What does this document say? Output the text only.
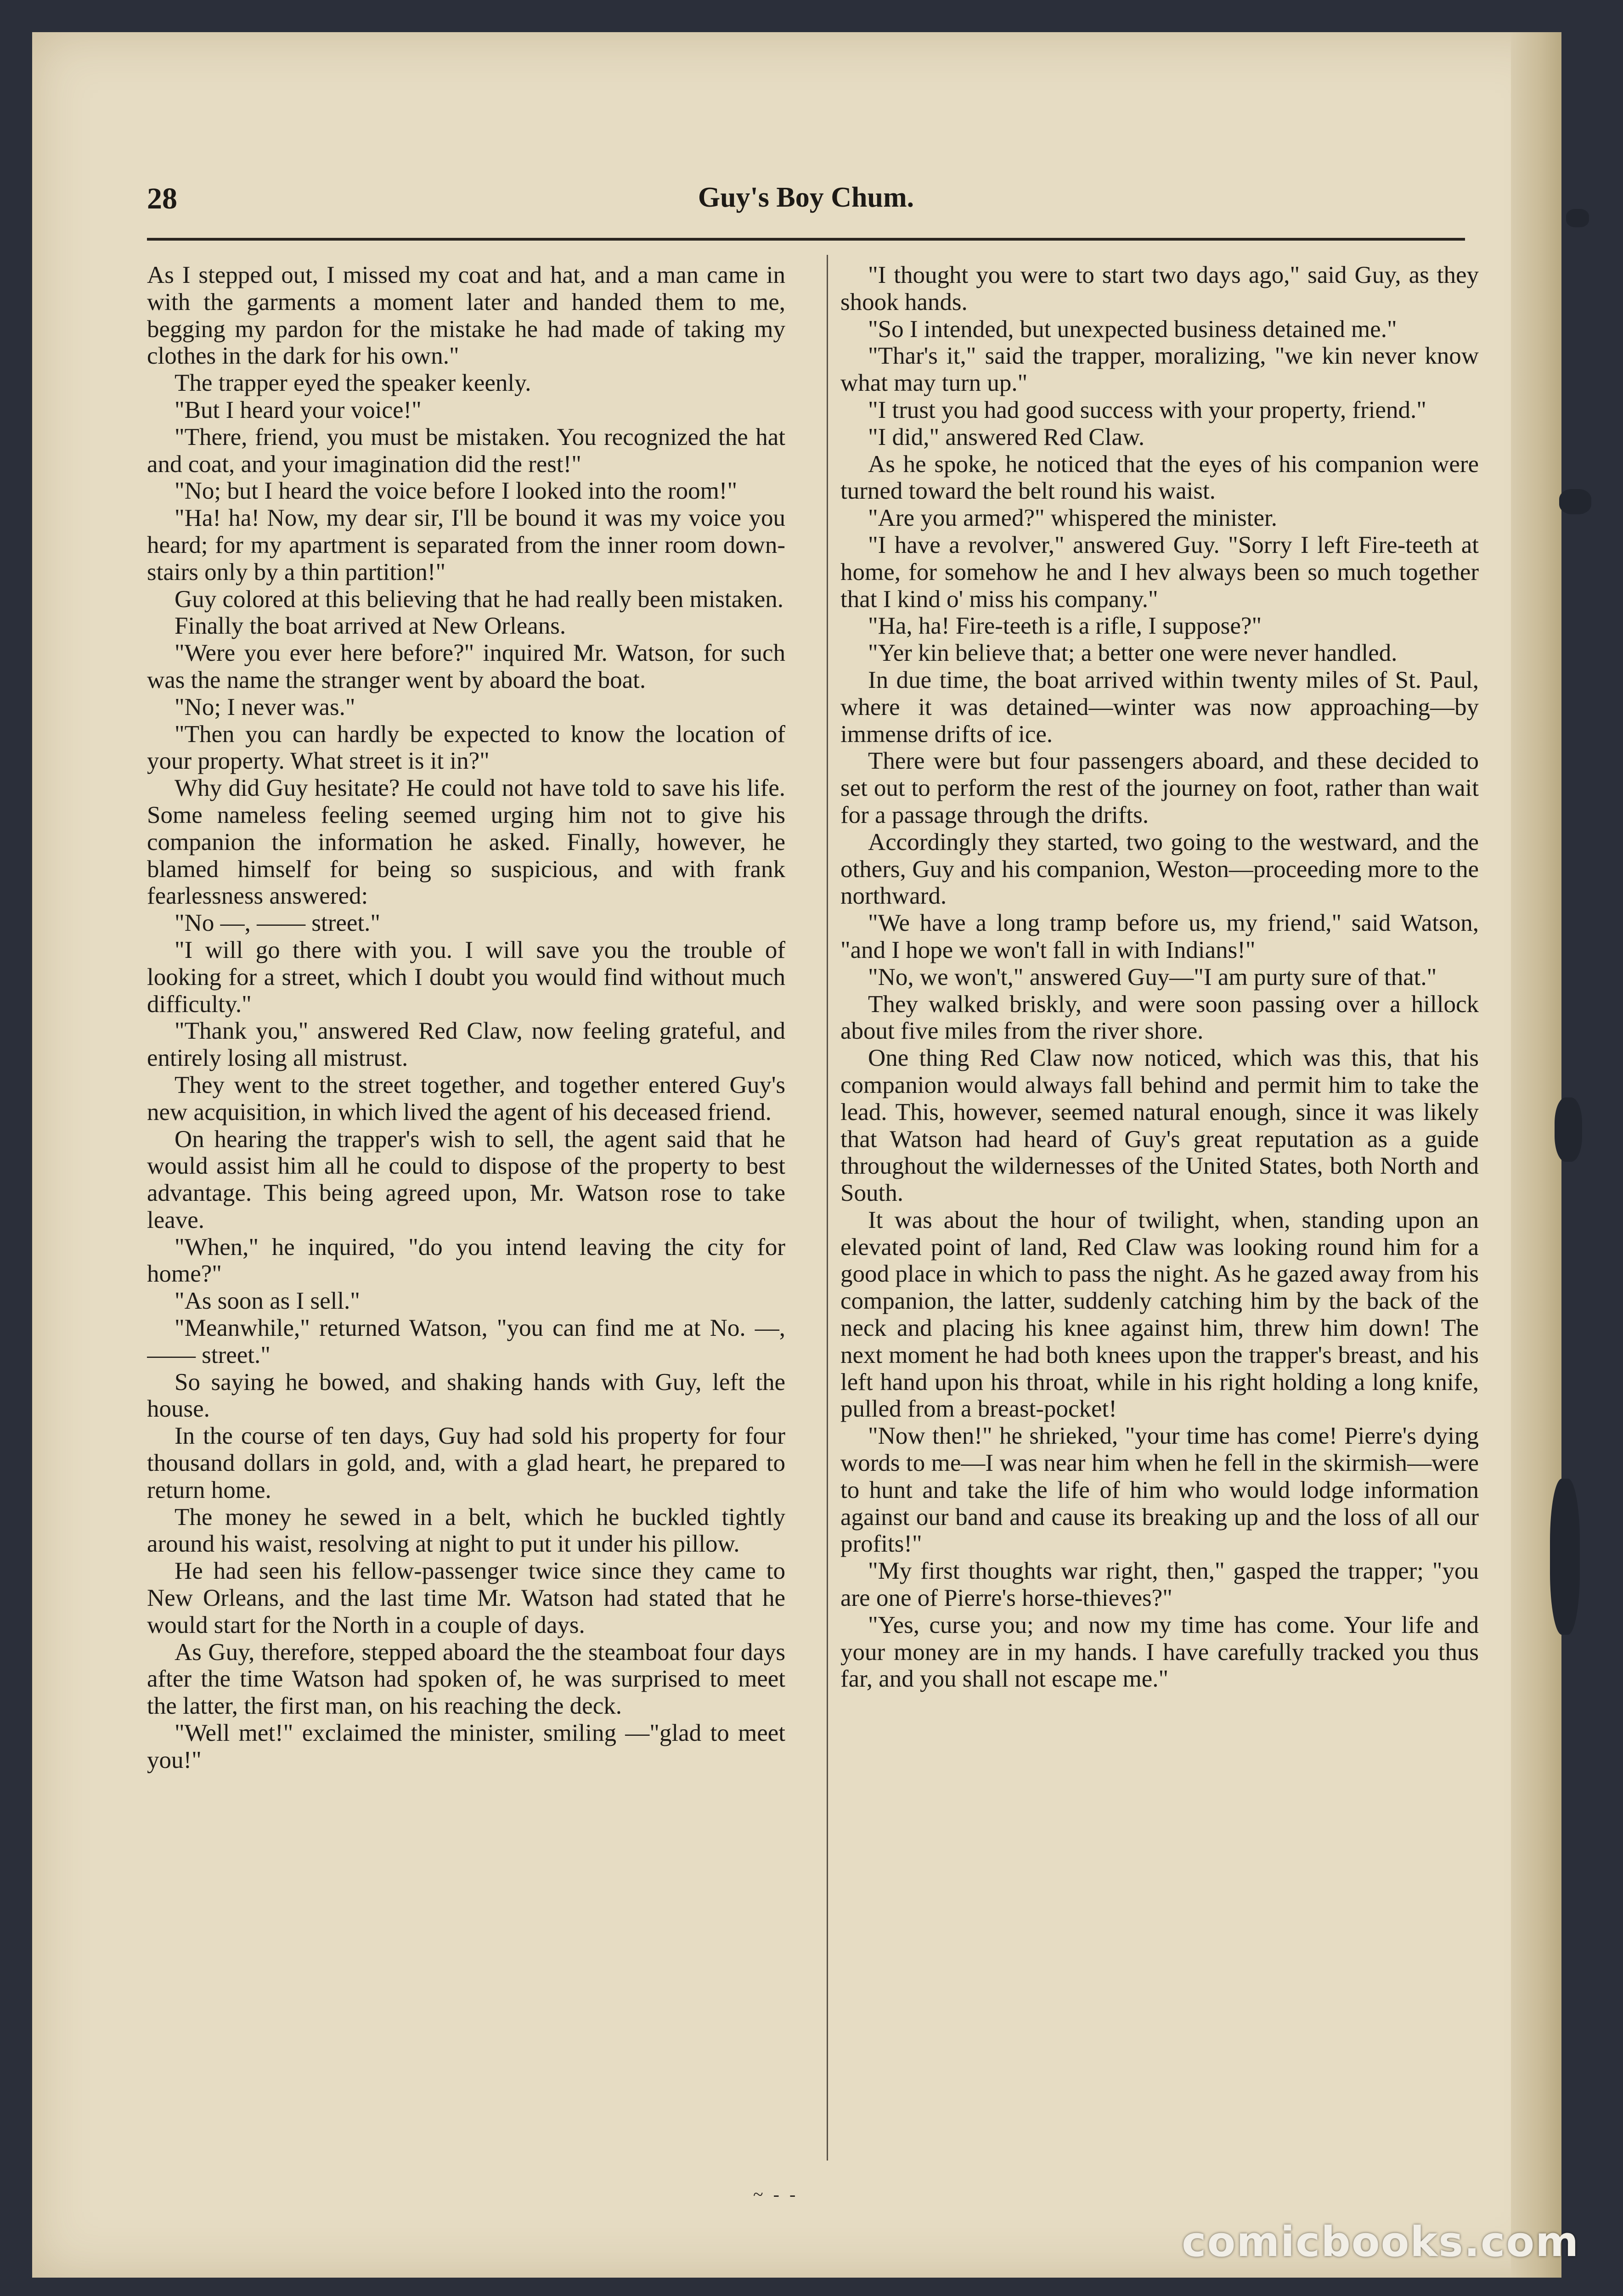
28	Guy's Boy Chum.

As I stepped out, I missed my coat and hat, and a man came in with the garments a moment later and handed them to me, begging my pardon for the mistake he had made of taking my clothes in the dark for his own."

The trapper eyed the speaker keenly.

"But I heard your voice!"

"There, friend, you must be mistaken. You recognized the hat and coat, and your imagination did the rest!"

"No; but I heard the voice before I looked into the room!"

"Ha! ha! Now, my dear sir, I'll be bound it was my voice you heard; for my apartment is separated from the inner room down-stairs only by a thin partition!"

Guy colored at this believing that he had really been mistaken.

Finally the boat arrived at New Orleans.

"Were you ever here before?" inquired Mr. Watson, for such was the name the stranger went by aboard the boat.

"No; I never was."

"Then you can hardly be expected to know the location of your property. What street is it in?"

Why did Guy hesitate? He could not have told to save his life. Some nameless feeling seemed urging him not to give his companion the information he asked. Finally, however, he blamed himself for being so suspicious, and with frank fearlessness answered:

"No —, —— street."

"I will go there with you. I will save you the trouble of looking for a street, which I doubt you would find without much difficulty."

"Thank you," answered Red Claw, now feeling grateful, and entirely losing all mistrust.

They went to the street together, and together entered Guy's new acquisition, in which lived the agent of his deceased friend.

On hearing the trapper's wish to sell, the agent said that he would assist him all he could to dispose of the property to best advantage. This being agreed upon, Mr. Watson rose to take leave.

"When," he inquired, "do you intend leaving the city for home?"

"As soon as I sell."

"Meanwhile," returned Watson, "you can find me at No. —, —— street."

So saying he bowed, and shaking hands with Guy, left the house.

In the course of ten days, Guy had sold his property for four thousand dollars in gold, and, with a glad heart, he prepared to return home.

The money he sewed in a belt, which he buckled tightly around his waist, resolving at night to put it under his pillow.

He had seen his fellow-passenger twice since they came to New Orleans, and the last time Mr. Watson had stated that he would start for the North in a couple of days.

As Guy, therefore, stepped aboard the the steamboat four days after the time Watson had spoken of, he was surprised to meet the latter, the first man, on his reaching the deck.

"Well met!" exclaimed the minister, smiling —"glad to meet you!"

"I thought you were to start two days ago," said Guy, as they shook hands.

"So I intended, but unexpected business detained me."

"Thar's it," said the trapper, moralizing, "we kin never know what may turn up."

"I trust you had good success with your property, friend."

"I did," answered Red Claw.

As he spoke, he noticed that the eyes of his companion were turned toward the belt round his waist.

"Are you armed?" whispered the minister.

"I have a revolver," answered Guy. "Sorry I left Fire-teeth at home, for somehow he and I hev always been so much together that I kind o' miss his company."

"Ha, ha! Fire-teeth is a rifle, I suppose?"

"Yer kin believe that; a better one were never handled.

In due time, the boat arrived within twenty miles of St. Paul, where it was detained—winter was now approaching—by immense drifts of ice.

There were but four passengers aboard, and these decided to set out to perform the rest of the journey on foot, rather than wait for a passage through the drifts.

Accordingly they started, two going to the westward, and the others, Guy and his companion, Weston—proceeding more to the northward.

"We have a long tramp before us, my friend," said Watson, "and I hope we won't fall in with Indians!"

"No, we won't," answered Guy—"I am purty sure of that."

They walked briskly, and were soon passing over a hillock about five miles from the river shore.

One thing Red Claw now noticed, which was this, that his companion would always fall behind and permit him to take the lead. This, however, seemed natural enough, since it was likely that Watson had heard of Guy's great reputation as a guide throughout the wildernesses of the United States, both North and South.

It was about the hour of twilight, when, standing upon an elevated point of land, Red Claw was looking round him for a good place in which to pass the night. As he gazed away from his companion, the latter, suddenly catching him by the back of the neck and placing his knee against him, threw him down! The next moment he had both knees upon the trapper's breast, and his left hand upon his throat, while in his right holding a long knife, pulled from a breast-pocket!

"Now then!" he shrieked, "your time has come! Pierre's dying words to me—I was near him when he fell in the skirmish—were to hunt and take the life of him who would lodge information against our band and cause its breaking up and the loss of all our profits!"

"My first thoughts war right, then," gasped the trapper; "you are one of Pierre's horse-thieves?"

"Yes, curse you; and now my time has come. Your life and your money are in my hands. I have carefully tracked you thus far, and you shall not escape me."

~ - -
comicbooks.com
